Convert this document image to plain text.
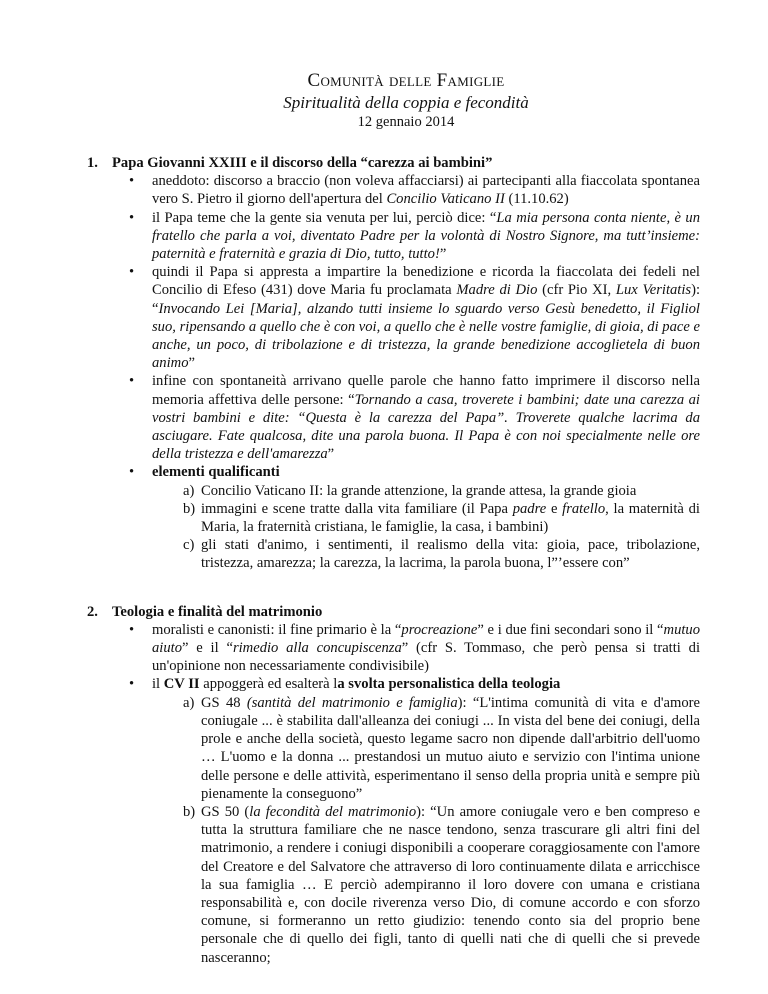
Comunità delle Famiglie
Spiritualità della coppia e fecondità
12 gennaio 2014
1. Papa Giovanni XXIII e il discorso della “carezza ai bambini”
• aneddoto: discorso a braccio (non voleva affacciarsi) ai partecipanti alla fiaccolata spontanea vero S. Pietro il giorno dell'apertura del Concilio Vaticano II (11.10.62)
• il Papa teme che la gente sia venuta per lui, perciò dice: “La mia persona conta niente, è un fratello che parla a voi, diventato Padre per la volontà di Nostro Signore, ma tutt’insieme: paternità e fraternità e grazia di Dio, tutto, tutto!”
• quindi il Papa si appresta a impartire la benedizione e ricorda la fiaccolata dei fedeli nel Concilio di Efeso (431) dove Maria fu proclamata Madre di Dio (cfr Pio XI, Lux Veritatis): “Invocando Lei [Maria], alzando tutti insieme lo sguardo verso Gesù benedetto, il Figliol suo, ripensando a quello che è con voi, a quello che è nelle vostre famiglie, di gioia, di pace e anche, un poco, di tribolazione e di tristezza, la grande benedizione accoglietela di buon animo”
• infine con spontaneità arrivano quelle parole che hanno fatto imprimere il discorso nella memoria affettiva delle persone: “Tornando a casa, troverete i bambini; date una carezza ai vostri bambini e dite: “Questa è la carezza del Papa”. Troverete qualche lacrima da asciugare. Fate qualcosa, dite una parola buona. Il Papa è con noi specialmente nelle ore della tristezza e dell'amarezza”
• elementi qualificanti
a) Concilio Vaticano II: la grande attenzione, la grande attesa, la grande gioia
b) immagini e scene tratte dalla vita familiare (il Papa padre e fratello, la maternità di Maria, la fraternità cristiana, le famiglie, la casa, i bambini)
c) gli stati d'animo, i sentimenti, il realismo della vita: gioia, pace, tribolazione, tristezza, amarezza; la carezza, la lacrima, la parola buona, l”’essere con”
2. Teologia e finalità del matrimonio
• moralisti e canonisti: il fine primario è la “procreazione” e i due fini secondari sono il “mutuo aiuto” e il “rimedio alla concupiscenza” (cfr S. Tommaso, che però pensa si tratti di un'opinione non necessariamente condivisibile)
• il CV II appoggerà ed esalterà la svolta personalistica della teologia
a) GS 48 (santità del matrimonio e famiglia): “L'intima comunità di vita e d'amore coniugale ... è stabilita dall'alleanza dei coniugi ... In vista del bene dei coniugi, della prole e anche della società, questo legame sacro non dipende dall'arbitrio dell'uomo … L'uomo e la donna ... prestandosi un mutuo aiuto e servizio con l'intima unione delle persone e delle attività, esperimentano il senso della propria unità e sempre più pienamente la conseguono”
b) GS 50 (la fecondità del matrimonio): “Un amore coniugale vero e ben compreso e tutta la struttura familiare che ne nasce tendono, senza trascurare gli altri fini del matrimonio, a rendere i coniugi disponibili a cooperare coraggiosamente con l'amore del Creatore e del Salvatore che attraverso di loro continuamente dilata e arricchisce la sua famiglia … E perciò adempiranno il loro dovere con umana e cristiana responsabilità e, con docile riverenza verso Dio, di comune accordo e con sforzo comune, si formeranno un retto giudizio: tenendo conto sia del proprio bene personale che di quello dei figli, tanto di quelli nati che di quelli che si prevede nasceranno;
